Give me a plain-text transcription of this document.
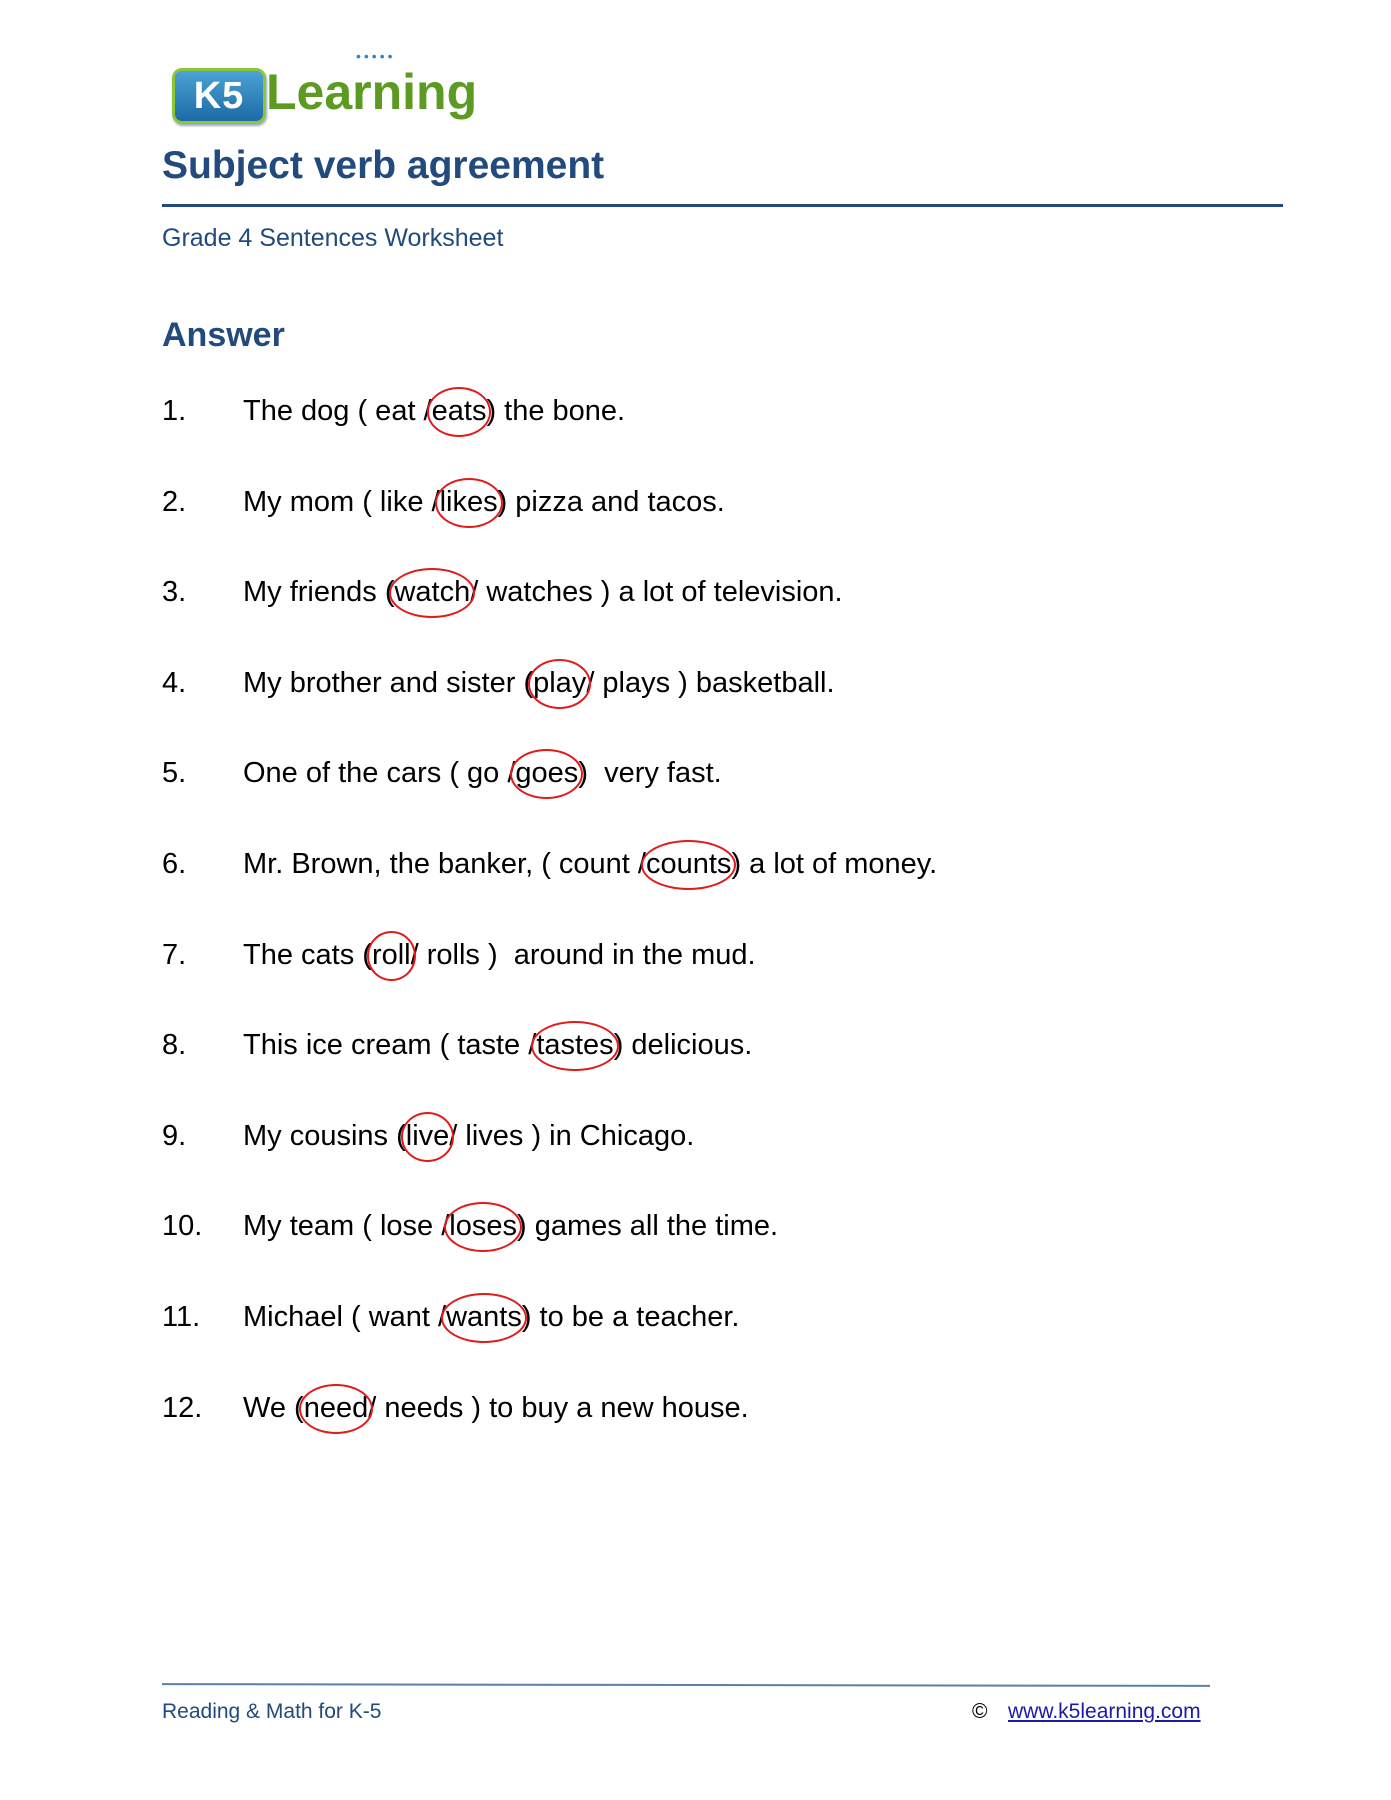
•••••
K5 Learning
Subject verb agreement
Grade 4 Sentences Worksheet
Answer
1. The dog ( eat /eats) the bone.
2. My mom ( like /likes) pizza and tacos.
3. My friends (watch/ watches ) a lot of television.
4. My brother and sister (play/ plays ) basketball.
5. One of the cars ( go /goes)  very fast.
6. Mr. Brown, the banker, ( count /counts) a lot of money.
7. The cats (roll/ rolls )  around in the mud.
8. This ice cream ( taste /tastes) delicious.
9. My cousins (live/ lives ) in Chicago.
10. My team ( lose /loses) games all the time.
11. Michael ( want /wants) to be a teacher.
12. We (need/ needs ) to buy a new house.
Reading & Math for K-5	© www.k5learning.com
